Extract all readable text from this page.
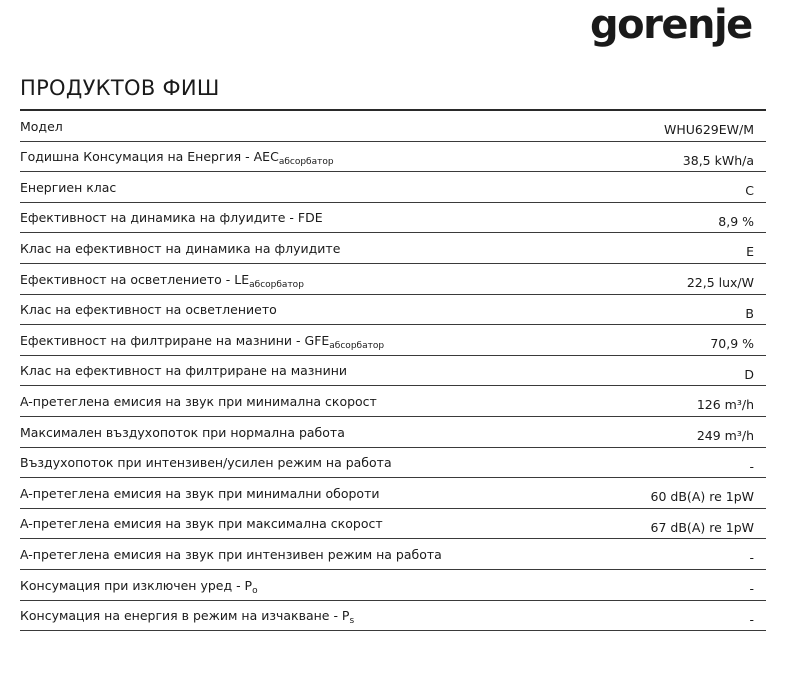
gorenje
ПРОДУКТОВ ФИШ
Модел	WHU629EW/M
Годишна Консумация на Енергия - $AEC_{абсорбатор}$	38,5 kWh/a
Енергиен клас	C
Ефективност на динамика на флуидите - FDE	8,9 %
Клас на ефективност на динамика на флуидите	E
Ефективност на осветлението - $LE_{абсорбатор}$	22,5 lux/W
Клас на ефективност на осветлението	B
Ефективност на филтриране на мазнини - $GFE_{абсорбатор}$	70,9 %
Клас на ефективност на филтриране на мазнини	D
A-претеглена емисия на звук при минимална скорост	126 m³/h
Максимален въздухопоток при нормална работа	249 m³/h
Въздухопоток при интензивен/усилен режим на работа	-
A-претеглена емисия на звук при минимални обороти	60 dB(A) re 1pW
A-претеглена емисия на звук при максимална скорост	67 dB(A) re 1pW
A-претеглена емисия на звук при интензивен режим на работа	-
Консумация при изключен уред - $P_o$	-
Консумация на енергия в режим на изчакване - $P_s$	-
